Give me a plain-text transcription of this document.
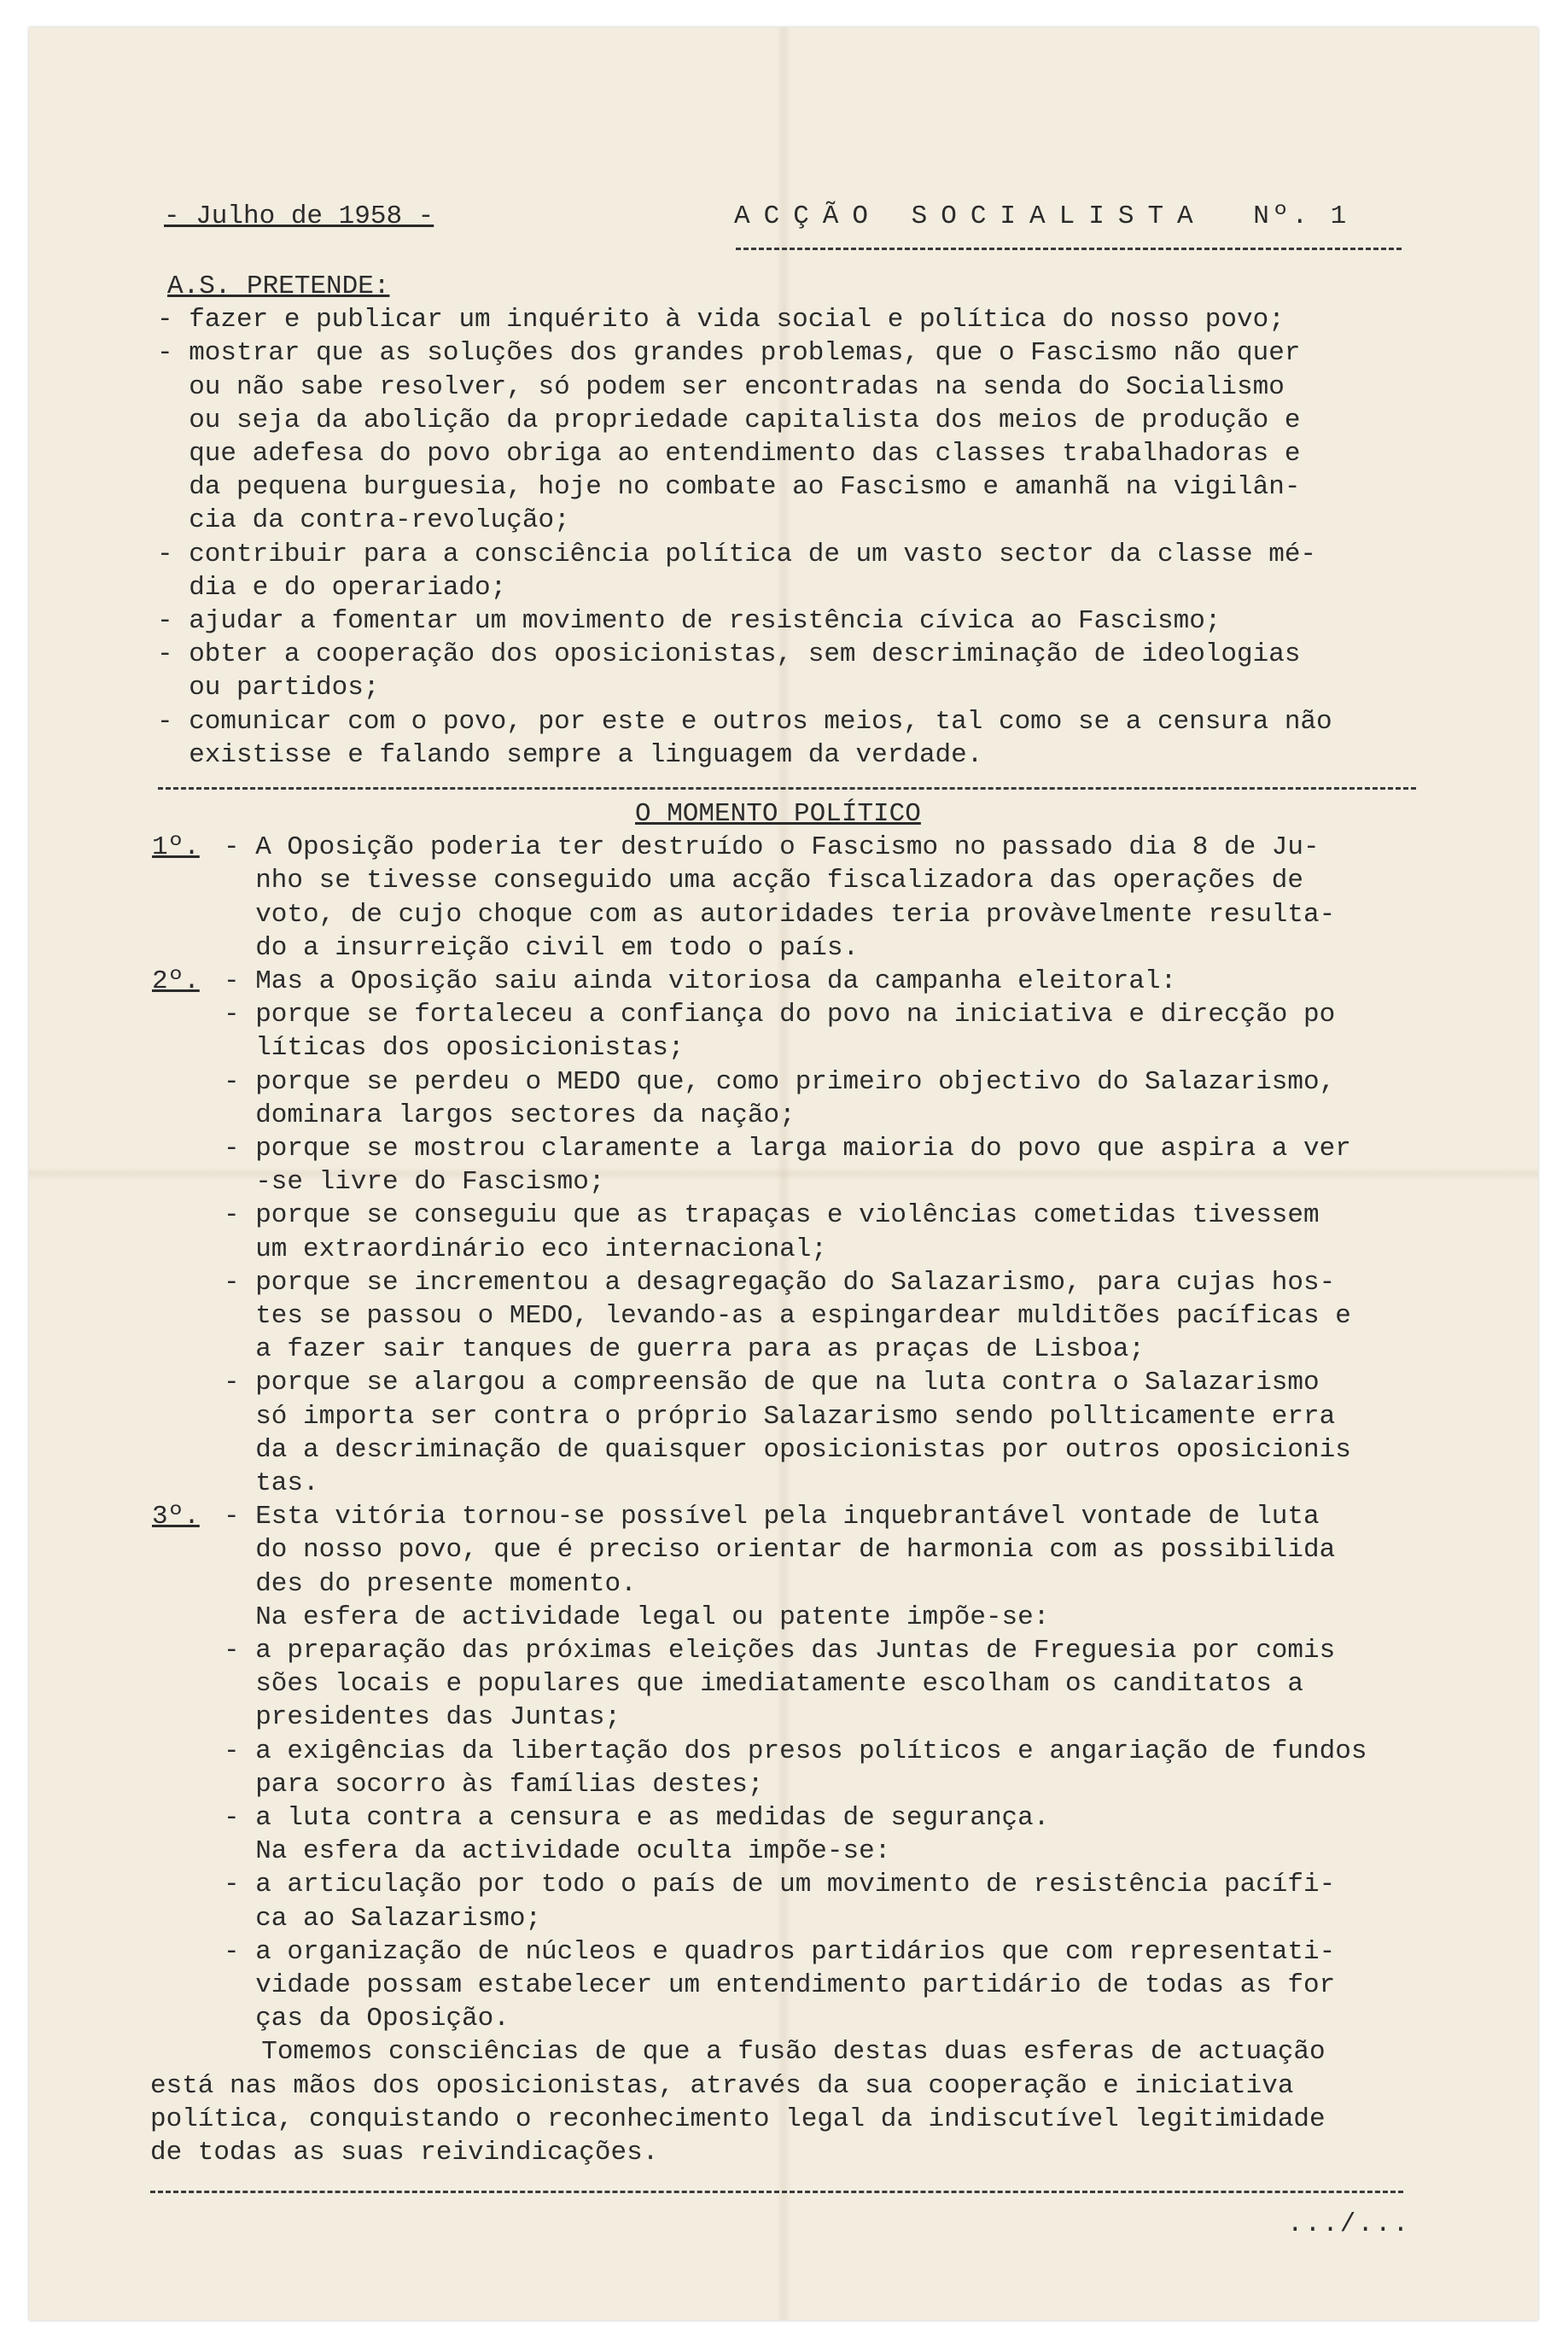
- Julho de 1958 -	ACÇÃO SOCIALISTA Nº. 1
A.S. PRETENDE:
- fazer e publicar um inquérito à vida social e política do nosso povo;
- mostrar que as soluções dos grandes problemas, que o Fascismo não quer
ou não sabe resolver, só podem ser encontradas na senda do Socialismo
ou seja da abolição da propriedade capitalista dos meios de produção e
que adefesa do povo obriga ao entendimento das classes trabalhadoras e
da pequena burguesia, hoje no combate ao Fascismo e amanhã na vigilân-
cia da contra-revolução;
- contribuir para a consciência política de um vasto sector da classe mé-
dia e do operariado;
- ajudar a fomentar um movimento de resistência cívica ao Fascismo;
- obter a cooperação dos oposicionistas, sem descriminação de ideologias
ou partidos;
- comunicar com o povo, por este e outros meios, tal como se a censura não
existisse e falando sempre a linguagem da verdade.
O MOMENTO POLÍTICO
1º. - A Oposição poderia ter destruído o Fascismo no passado dia 8 de Ju-
nho se tivesse conseguido uma acção fiscalizadora das operações de
voto, de cujo choque com as autoridades teria provàvelmente resulta-
do a insurreição civil em todo o país.
2º. - Mas a Oposição saiu ainda vitoriosa da campanha eleitoral:
- porque se fortaleceu a confiança do povo na iniciativa e direcção po
líticas dos oposicionistas;
- porque se perdeu o MEDO que, como primeiro objectivo do Salazarismo,
dominara largos sectores da nação;
- porque se mostrou claramente a larga maioria do povo que aspira a ver
-se livre do Fascismo;
- porque se conseguiu que as trapaças e violências cometidas tivessem
um extraordinário eco internacional;
- porque se incrementou a desagregação do Salazarismo, para cujas hos-
tes se passou o MEDO, levando-as a espingardear mulditões pacíficas e
a fazer sair tanques de guerra para as praças de Lisboa;
- porque se alargou a compreensão de que na luta contra o Salazarismo
só importa ser contra o próprio Salazarismo sendo pollticamente erra
da a descriminação de quaisquer oposicionistas por outros oposicionis
tas.
3º. - Esta vitória tornou-se possível pela inquebrantável vontade de luta
do nosso povo, que é preciso orientar de harmonia com as possibilida
des do presente momento.
Na esfera de actividade legal ou patente impõe-se:
- a preparação das próximas eleições das Juntas de Freguesia por comis
sões locais e populares que imediatamente escolham os canditatos a
presidentes das Juntas;
- a exigências da libertação dos presos políticos e angariação de fundos
para socorro às famílias destes;
- a luta contra a censura e as medidas de segurança.
Na esfera da actividade oculta impõe-se:
- a articulação por todo o país de um movimento de resistência pacífi-
ca ao Salazarismo;
- a organização de núcleos e quadros partidários que com representati-
vidade possam estabelecer um entendimento partidário de todas as for
ças da Oposição.
Tomemos consciências de que a fusão destas duas esferas de actuação
está nas mãos dos oposicionistas, através da sua cooperação e iniciativa
política, conquistando o reconhecimento legal da indiscutível legitimidade
de todas as suas reivindicações.
.../...
